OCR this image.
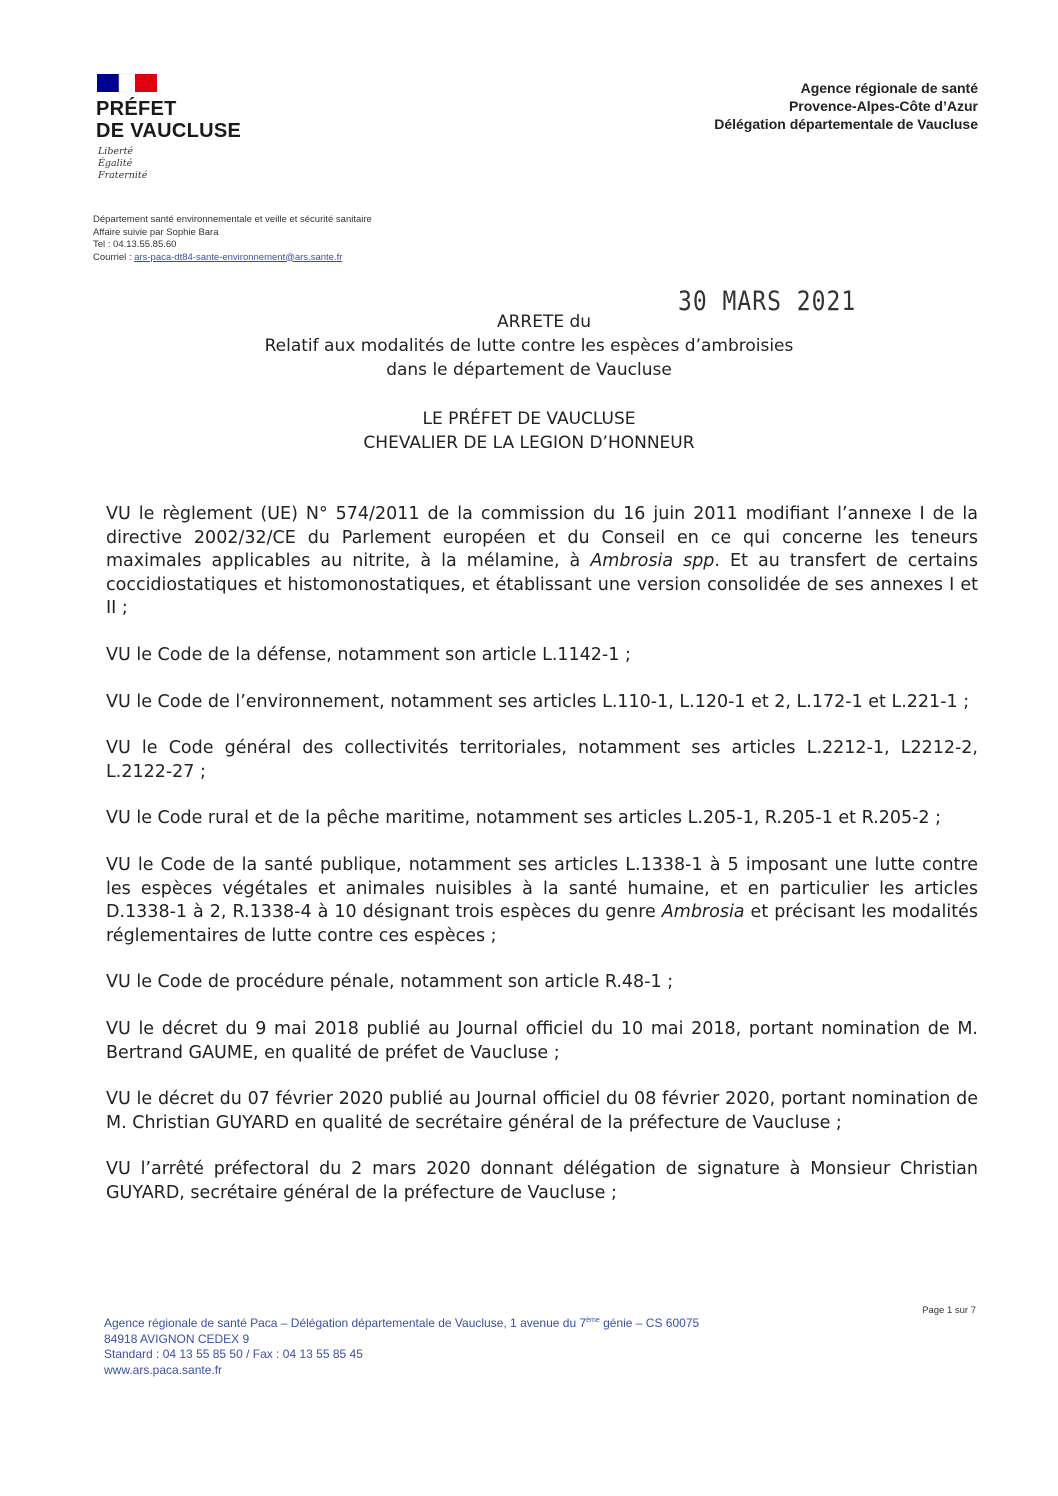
PRÉFET
DE VAUCLUSE
Liberté
Égalité
Fraternité
Agence régionale de santé
Provence-Alpes-Côte d’Azur
Délégation départementale de Vaucluse
Département santé environnementale et veille et sécurité sanitaire
Affaire suivie par Sophie Bara
Tel : 04.13.55.85.60
Courriel : ars-paca-dt84-sante-environnement@ars.sante.fr
30 MARS 2021
ARRETE du
Relatif aux modalités de lutte contre les espèces d’ambroisies
dans le département de Vaucluse
LE PRÉFET DE VAUCLUSE
CHEVALIER DE LA LEGION D’HONNEUR

VU le règlement (UE) N° 574/2011 de la commission du 16 juin 2011 modifiant l’annexe I de la directive 2002/32/CE du Parlement européen et du Conseil en ce qui concerne les teneurs maximales applicables au nitrite, à la mélamine, à Ambrosia spp. Et au transfert de certains coccidiostatiques et histomonostatiques, et établissant une version consolidée de ses annexes I et II ;

VU le Code de la défense, notamment son article L.1142-1 ;

VU le Code de l’environnement, notamment ses articles L.110-1, L.120-1 et 2, L.172-1 et L.221-1 ;

VU le Code général des collectivités territoriales, notamment ses articles L.2212-1, L2212-2, L.2122-27 ;

VU le Code rural et de la pêche maritime, notamment ses articles L.205-1, R.205-1 et R.205-2 ;

VU le Code de la santé publique, notamment ses articles L.1338-1 à 5 imposant une lutte contre les espèces végétales et animales nuisibles à la santé humaine, et en particulier les articles D.1338-1 à 2, R.1338-4 à 10 désignant trois espèces du genre Ambrosia et précisant les modalités réglementaires de lutte contre ces espèces ;

VU le Code de procédure pénale, notamment son article R.48-1 ;

VU le décret du 9 mai 2018 publié au Journal officiel du 10 mai 2018, portant nomination de M. Bertrand GAUME, en qualité de préfet de Vaucluse ;

VU le décret du 07 février 2020 publié au Journal officiel du 08 février 2020, portant nomination de M. Christian GUYARD en qualité de secrétaire général de la préfecture de Vaucluse ;

VU l’arrêté préfectoral du 2 mars 2020 donnant délégation de signature à Monsieur Christian GUYARD, secrétaire général de la préfecture de Vaucluse ;

Page 1 sur 7
Agence régionale de santé Paca – Délégation départementale de Vaucluse, 1 avenue du 7ème génie – CS 60075
84918 AVIGNON CEDEX 9
Standard : 04 13 55 85 50 / Fax : 04 13 55 85 45
www.ars.paca.sante.fr
